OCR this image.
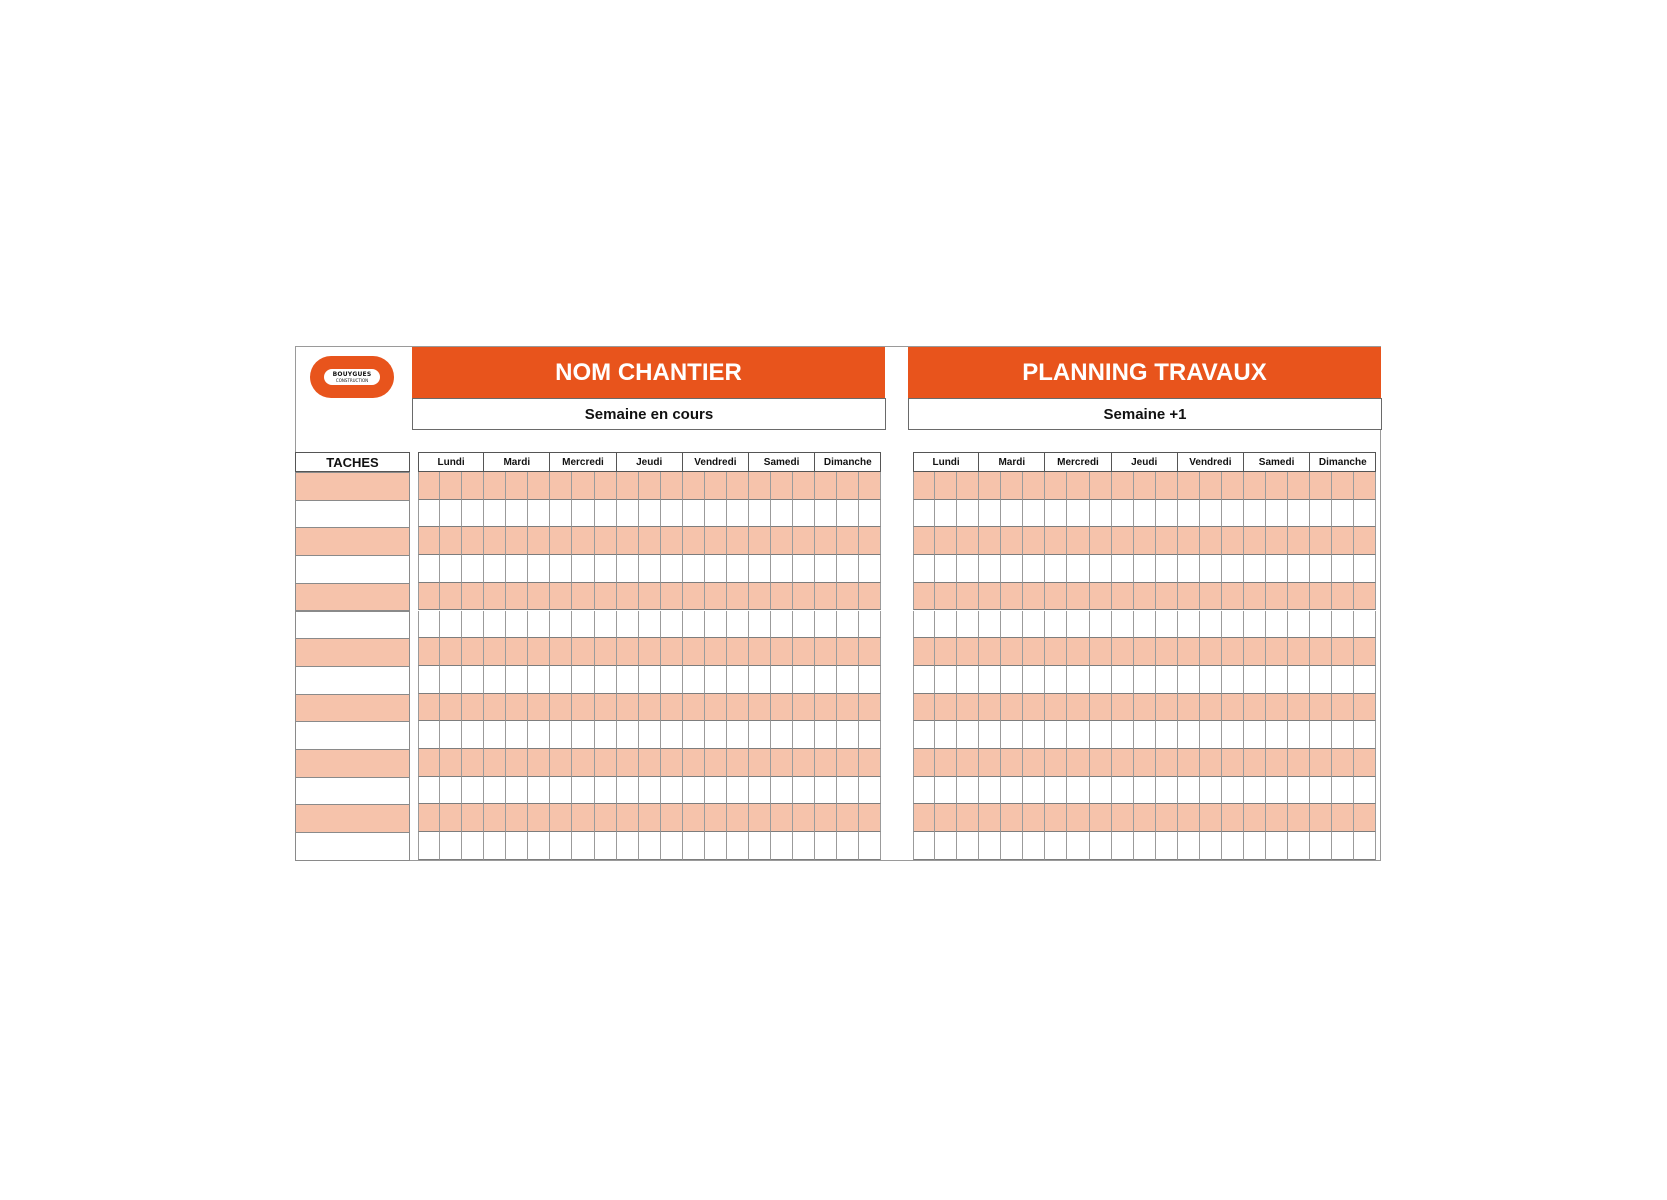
BOUYGUES
CONSTRUCTION	NOM CHANTIER	PLANNING TRAVAUX
Semaine en cours	Semaine +1
TACHES	Lundi	Mardi	Mercredi	Jeudi	Vendredi	Samedi	Dimanche	Lundi	Mardi	Mercredi	Jeudi	Vendredi	Samedi	Dimanche
